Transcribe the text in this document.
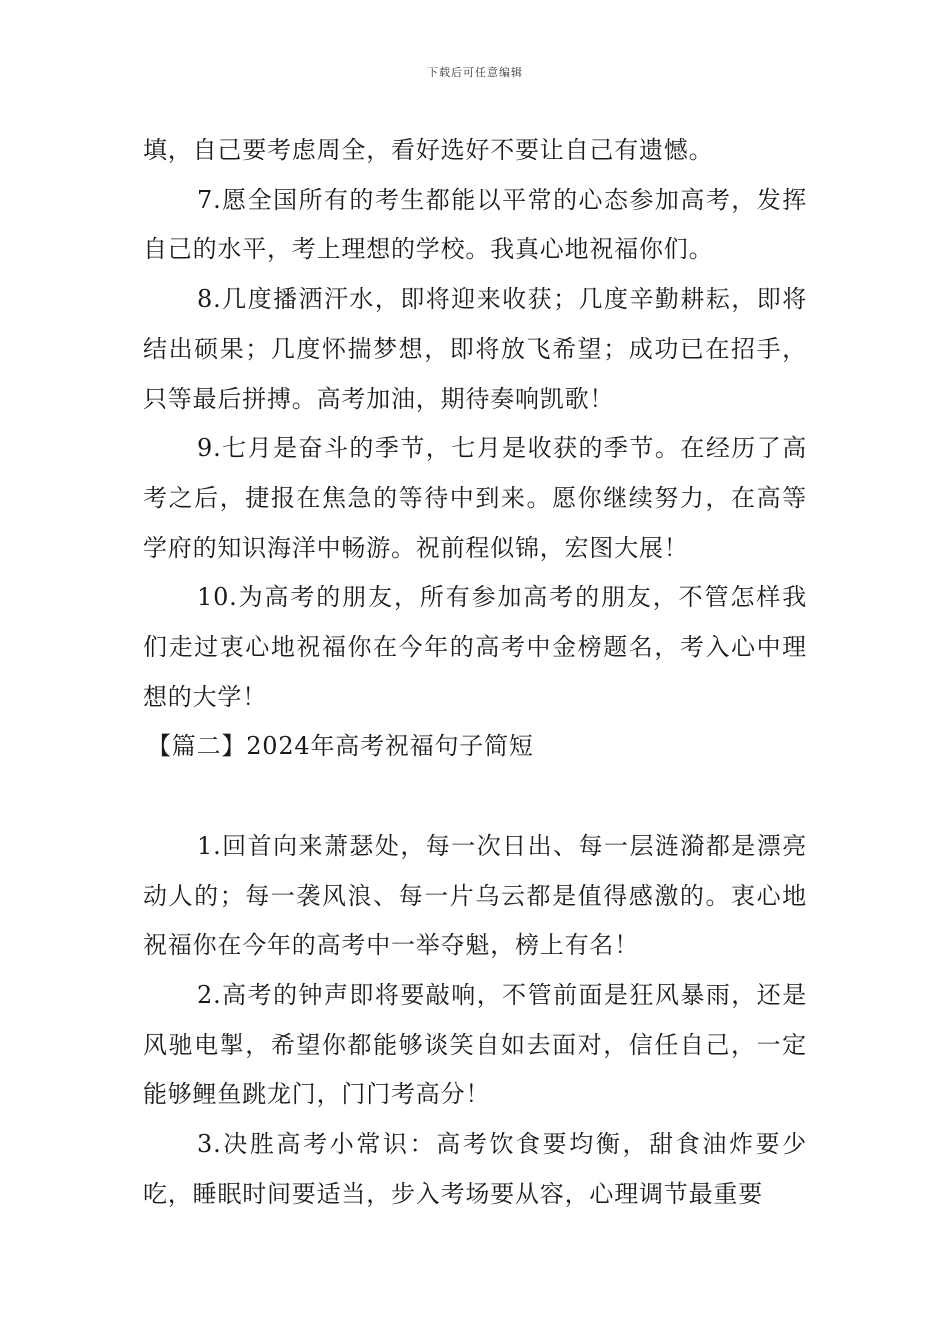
下载后可任意编辑

填，自己要考虑周全，看好选好不要让自己有遗憾。

7.愿全国所有的考生都能以平常的心态参加高考，发挥自己的水平，考上理想的学校。我真心地祝福你们。

8.几度播洒汗水，即将迎来收获；几度辛勤耕耘，即将结出硕果；几度怀揣梦想，即将放飞希望；成功已在招手，只等最后拼搏。高考加油，期待奏响凯歌！

9.七月是奋斗的季节，七月是收获的季节。在经历了高考之后，捷报在焦急的等待中到来。愿你继续努力，在高等学府的知识海洋中畅游。祝前程似锦，宏图大展！

10.为高考的朋友，所有参加高考的朋友，不管怎样我们走过衷心地祝福你在今年的高考中金榜题名，考入心中理想的大学！

【篇二】2024年高考祝福句子简短

1.回首向来萧瑟处，每一次日出、每一层涟漪都是漂亮动人的；每一袭风浪、每一片乌云都是值得感激的。衷心地祝福你在今年的高考中一举夺魁，榜上有名！

2.高考的钟声即将要敲响，不管前面是狂风暴雨，还是风驰电掣，希望你都能够谈笑自如去面对，信任自己，一定能够鲤鱼跳龙门，门门考高分！

3.决胜高考小常识：高考饮食要均衡，甜食油炸要少吃，睡眠时间要适当，步入考场要从容，心理调节最重要
